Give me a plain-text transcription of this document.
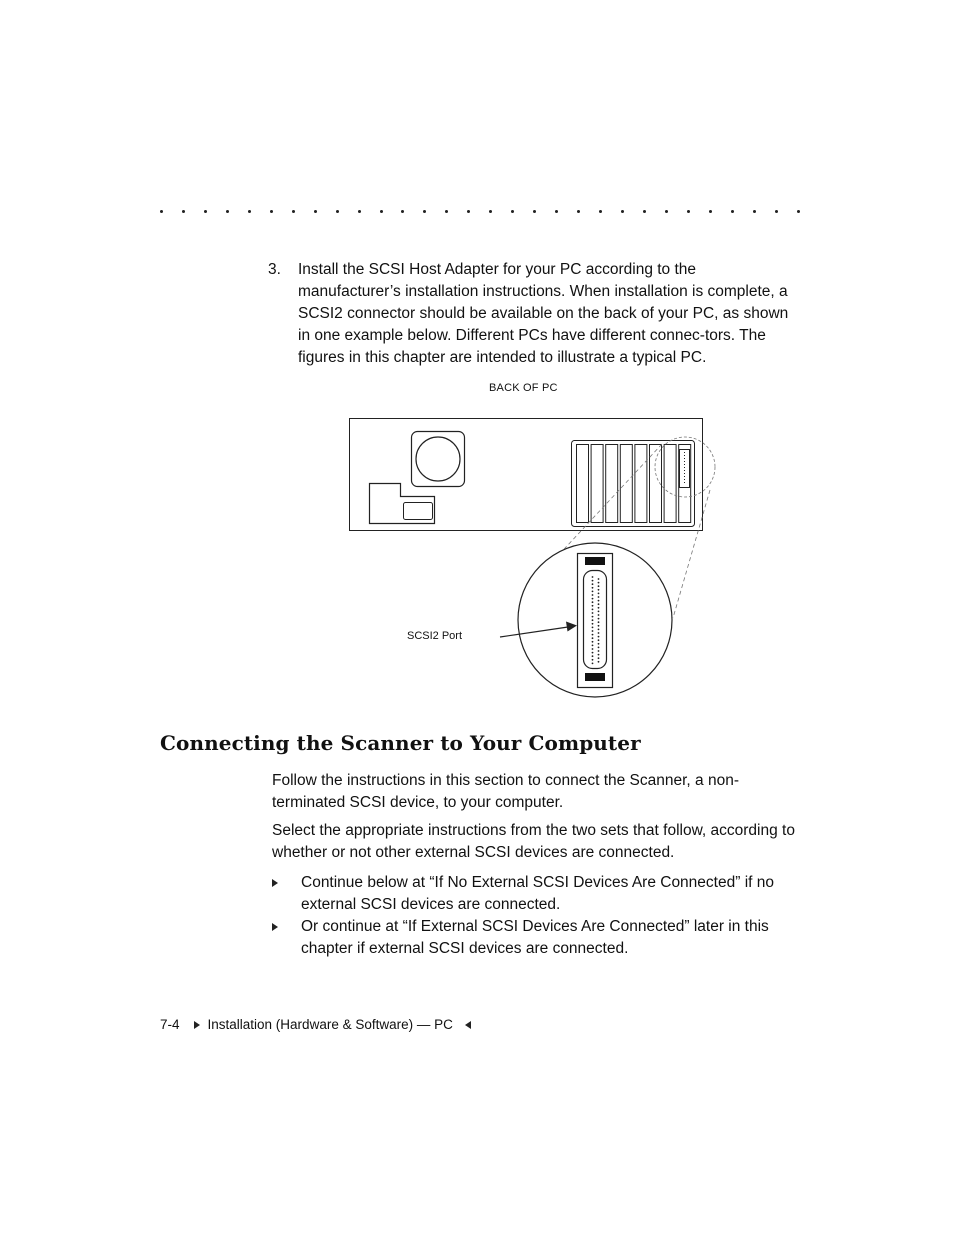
3. Install the SCSI Host Adapter for your PC according to the manufacturer’s installation instructions. When installation is complete, a SCSI2 connector should be available on the back of your PC, as shown in one example below. Different PCs have different connec-tors. The figures in this chapter are intended to illustrate a typical PC.
BACK OF PC
SCSI2 Port
Connecting the Scanner to Your Computer

Follow the instructions in this section to connect the Scanner, a non-terminated SCSI device, to your computer.

Select the appropriate instructions from the two sets that follow, according to whether or not other external SCSI devices are connected.

Continue below at “If No External SCSI Devices Are Connected” if no external SCSI devices are connected.
Or continue at “If External SCSI Devices Are Connected” later in this chapter if external SCSI devices are connected.
7-4 Installation (Hardware & Software) — PC
